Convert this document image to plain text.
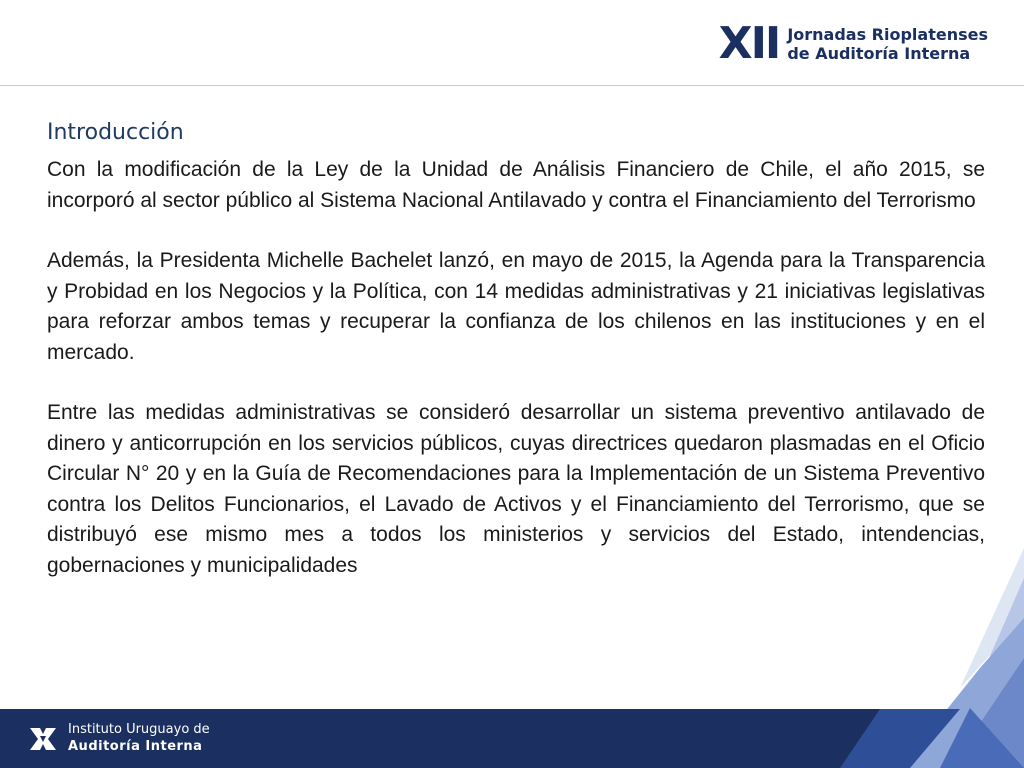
XII Jornadas Rioplatenses
de Auditoría Interna
Introducción

Con la modificación de la Ley de la Unidad de Análisis Financiero de Chile, el año 2015, se incorporó al sector público al Sistema Nacional Antilavado y contra el Financiamiento del Terrorismo

Además, la Presidenta Michelle Bachelet lanzó, en mayo de 2015, la Agenda para la Transparencia y Probidad en los Negocios y la Política, con 14 medidas administrativas y 21 iniciativas legislativas para reforzar ambos temas y recuperar la confianza de los chilenos en las instituciones y en el mercado.

Entre las medidas administrativas se consideró desarrollar un sistema preventivo antilavado de dinero y anticorrupción en los servicios públicos, cuyas directrices quedaron plasmadas en el Oficio Circular N° 20 y en la Guía de Recomendaciones para la Implementación de un Sistema Preventivo contra los Delitos Funcionarios, el Lavado de Activos y el Financiamiento del Terrorismo, que se distribuyó ese mismo mes a todos los ministerios y servicios del Estado, intendencias, gobernaciones y municipalidades

Instituto Uruguayo de
Auditoría Interna
